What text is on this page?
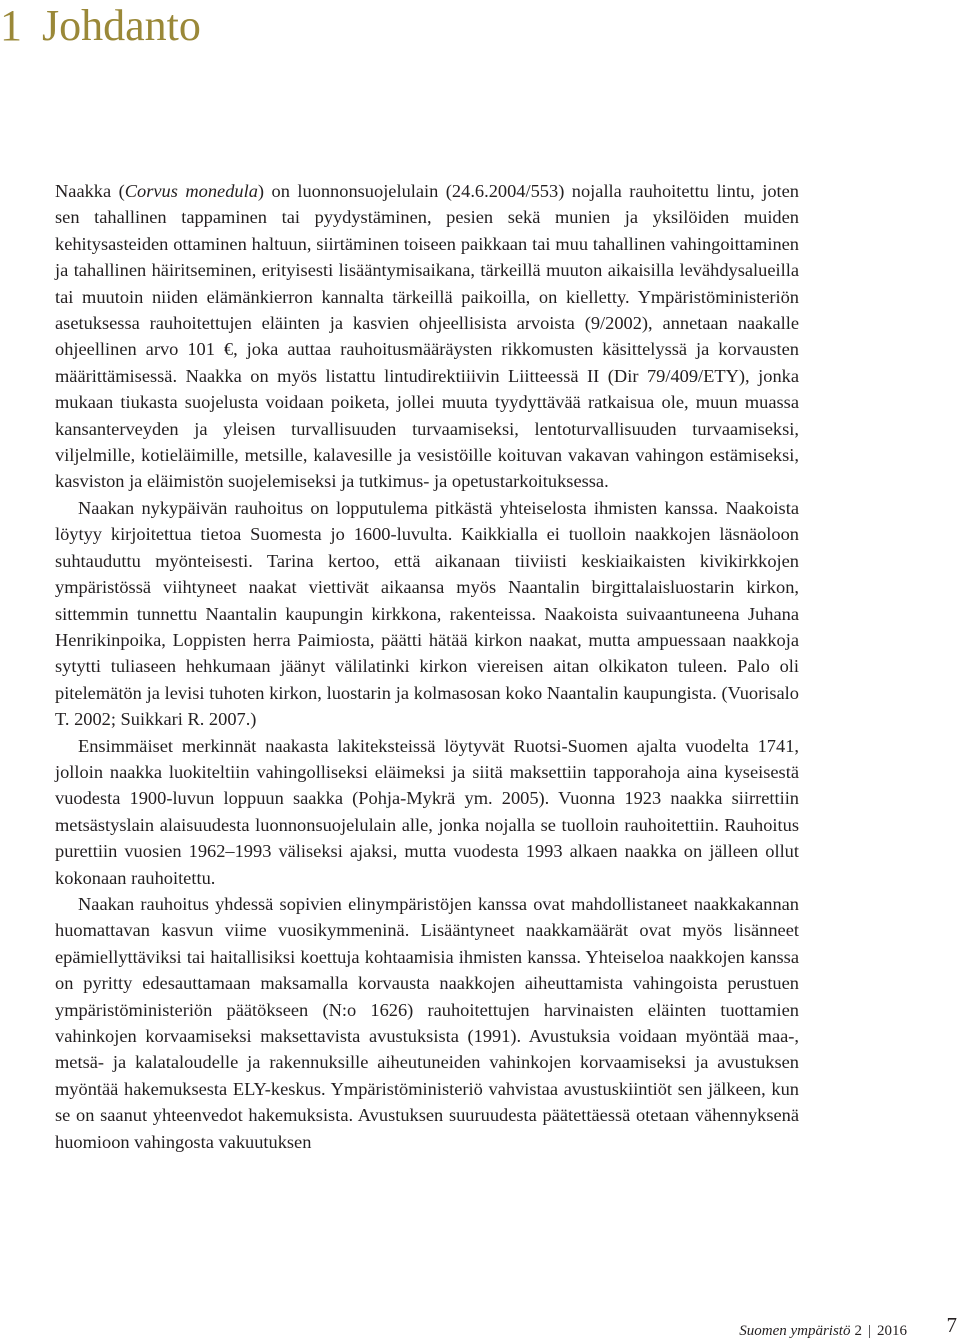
1 Johdanto

Naakka (Corvus monedula) on luonnonsuojelulain (24.6.2004/553) nojalla rauhoitettu lintu, joten sen tahallinen tappaminen tai pyydystäminen, pesien sekä munien ja yksilöiden muiden kehitysasteiden ottaminen haltuun, siirtäminen toiseen paikkaan tai muu tahallinen vahingoittaminen ja tahallinen häiritseminen, erityisesti lisääntymisaikana, tärkeillä muuton aikaisilla levähdysalueilla tai muutoin niiden elämänkierron kannalta tärkeillä paikoilla, on kielletty. Ympäristöministeriön asetuksessa rauhoitettujen eläinten ja kasvien ohjeellisista arvoista (9/2002), annetaan naakalle ohjeellinen arvo 101 €, joka auttaa rauhoitusmääräysten rikkomusten käsittelyssä ja korvausten määrittämisessä. Naakka on myös listattu lintudirektiiivin Liitteessä II (Dir 79/409/ETY), jonka mukaan tiukasta suojelusta voidaan poiketa, jollei muuta tyydyttävää ratkaisua ole, muun muassa kansanterveyden ja yleisen turvallisuuden turvaamiseksi, lentoturvallisuuden turvaamiseksi, viljelmille, kotieläimille, metsille, kalavesille ja vesistöille koituvan vakavan vahingon estämiseksi, kasviston ja eläimistön suojelemiseksi ja tutkimus- ja opetustarkoituksessa.

Naakan nykypäivän rauhoitus on lopputulema pitkästä yhteiselosta ihmisten kanssa. Naakoista löytyy kirjoitettua tietoa Suomesta jo 1600-luvulta. Kaikkialla ei tuolloin naakkojen läsnäoloon suhtauduttu myönteisesti. Tarina kertoo, että aikanaan tiiviisti keskiaikaisten kivikirkkojen ympäristössä viihtyneet naakat viettivät aikaansa myös Naantalin birgittalaisluostarin kirkon, sittemmin tunnettu Naantalin kaupungin kirkkona, rakenteissa. Naakoista suivaantuneena Juhana Henrikinpoika, Loppisten herra Paimiosta, päätti hätää kirkon naakat, mutta ampuessaan naakkoja sytytti tuliaseen hehkumaan jäänyt välilatinki kirkon viereisen aitan olkikaton tuleen. Palo oli pitelemätön ja levisi tuhoten kirkon, luostarin ja kolmasosan koko Naantalin kaupungista. (Vuorisalo T. 2002; Suikkari R. 2007.)

Ensimmäiset merkinnät naakasta lakiteksteissä löytyvät Ruotsi-Suomen ajalta vuodelta 1741, jolloin naakka luokiteltiin vahingolliseksi eläimeksi ja siitä maksettiin tapporahoja aina kyseisestä vuodesta 1900-luvun loppuun saakka (Pohja-Mykrä ym. 2005). Vuonna 1923 naakka siirrettiin metsästyslain alaisuudesta luonnonsuojelulain alle, jonka nojalla se tuolloin rauhoitettiin. Rauhoitus purettiin vuosien 1962–1993 väliseksi ajaksi, mutta vuodesta 1993 alkaen naakka on jälleen ollut kokonaan rauhoitettu.

Naakan rauhoitus yhdessä sopivien elinympäristöjen kanssa ovat mahdollistaneet naakkakannan huomattavan kasvun viime vuosikymmeninä. Lisääntyneet naakkamäärät ovat myös lisänneet epämiellyttäviksi tai haitallisiksi koettuja kohtaamisia ihmisten kanssa. Yhteiseloa naakkojen kanssa on pyritty edesauttamaan maksamalla korvausta naakkojen aiheuttamista vahingoista perustuen ympäristöministeriön päätökseen (N:o 1626) rauhoitettujen harvinaisten eläinten tuottamien vahinkojen korvaamiseksi maksettavista avustuksista (1991). Avustuksia voidaan myöntää maa-, metsä- ja kalataloudelle ja rakennuksille aiheutuneiden vahinkojen korvaamiseksi ja avustuksen myöntää hakemuksesta ELY-keskus. Ympäristöministeriö vahvistaa avustuskiintiöt sen jälkeen, kun se on saanut yhteenvedot hakemuksista. Avustuksen suuruudesta päätettäessä otetaan vähennyksenä huomioon vahingosta vakuutuksen

Suomen ympäristö 2 | 2016 7
